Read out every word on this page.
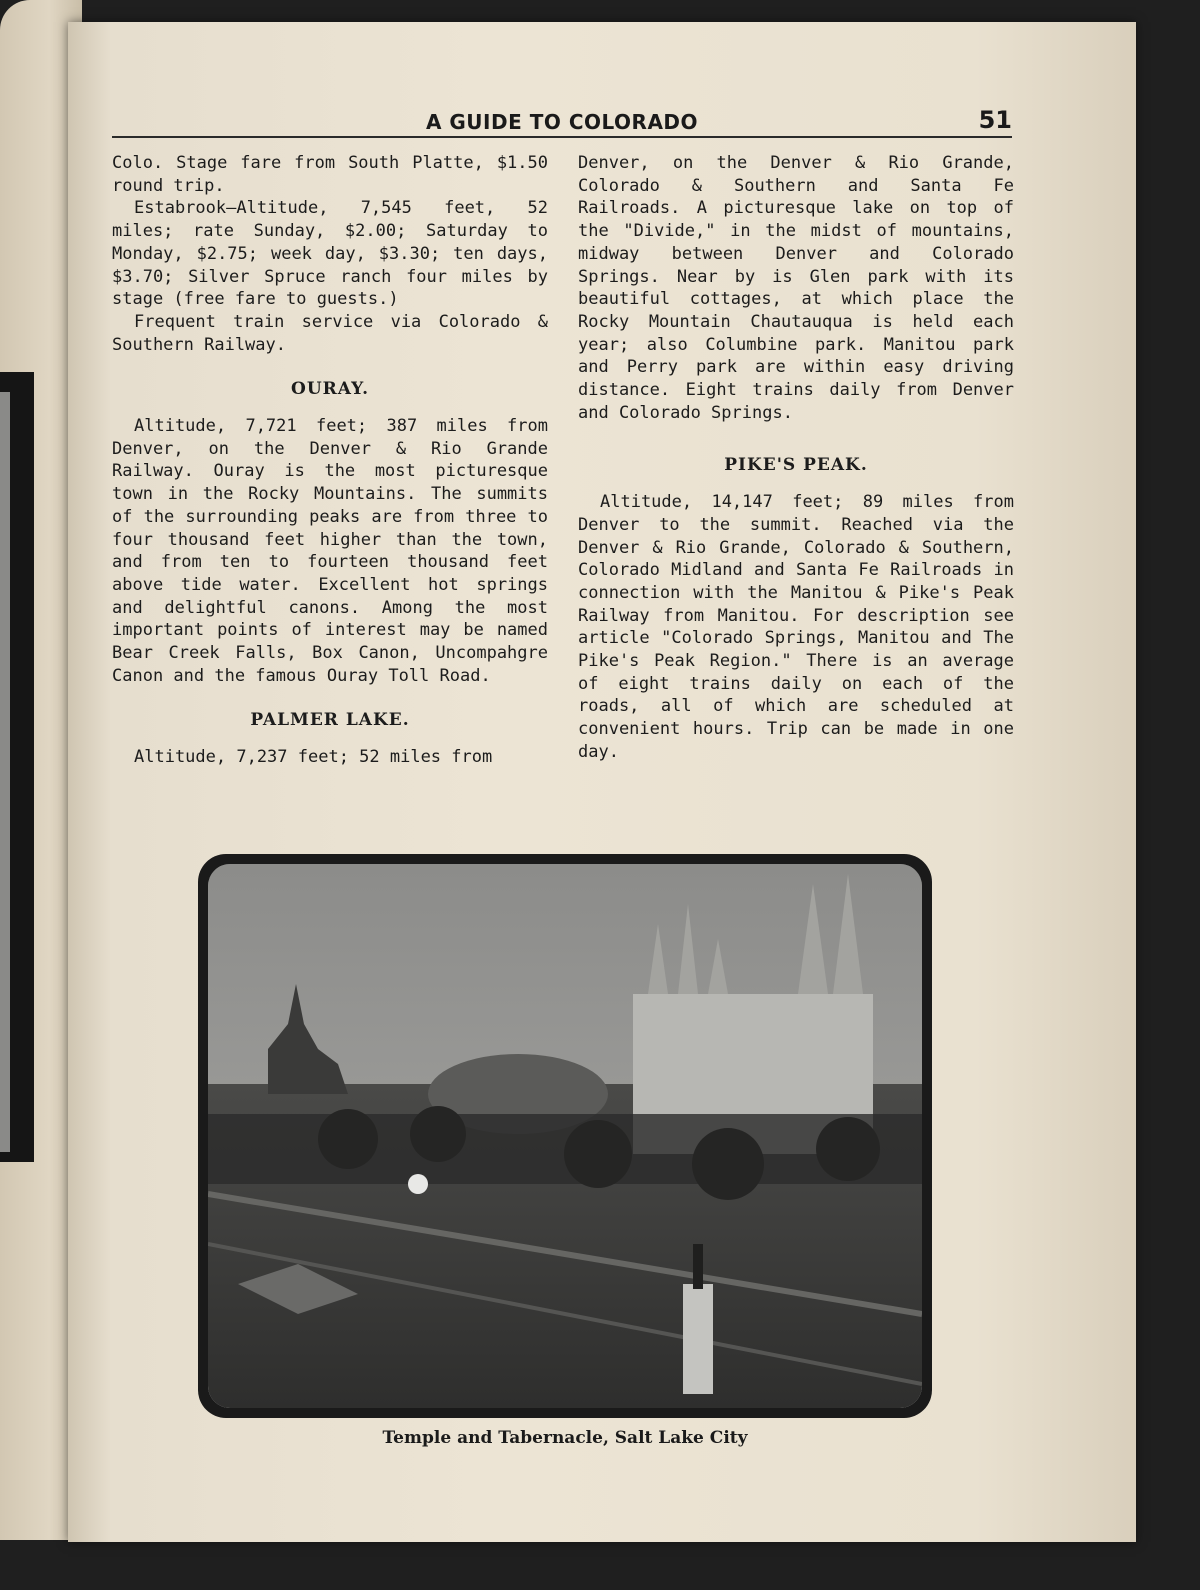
A GUIDE TO COLORADO	51

Colo. Stage fare from South Platte, $1.50 round trip.

Estabrook—Altitude, 7,545 feet, 52 miles; rate Sunday, $2.00; Saturday to Monday, $2.75; week day, $3.30; ten days, $3.70; Silver Spruce ranch four miles by stage (free fare to guests.)

Frequent train service via Colorado & Southern Railway.

OURAY.

Altitude, 7,721 feet; 387 miles from Denver, on the Denver & Rio Grande Railway. Ouray is the most picturesque town in the Rocky Mountains. The summits of the surrounding peaks are from three to four thousand feet higher than the town, and from ten to fourteen thousand feet above tide water. Excellent hot springs and delightful canons. Among the most important points of interest may be named Bear Creek Falls, Box Canon, Uncompahgre Canon and the famous Ouray Toll Road.

PALMER LAKE.

Altitude, 7,237 feet; 52 miles from

Denver, on the Denver & Rio Grande, Colorado & Southern and Santa Fe Railroads. A picturesque lake on top of the "Divide," in the midst of mountains, midway between Denver and Colorado Springs. Near by is Glen park with its beautiful cottages, at which place the Rocky Mountain Chautauqua is held each year; also Columbine park. Manitou park and Perry park are within easy driving distance. Eight trains daily from Denver and Colorado Springs.

PIKE'S PEAK.

Altitude, 14,147 feet; 89 miles from Denver to the summit. Reached via the Denver & Rio Grande, Colorado & Southern, Colorado Midland and Santa Fe Railroads in connection with the Manitou & Pike's Peak Railway from Manitou. For description see article "Colorado Springs, Manitou and The Pike's Peak Region." There is an average of eight trains daily on each of the roads, all of which are scheduled at convenient hours. Trip can be made in one day.

Temple and Tabernacle, Salt Lake City
